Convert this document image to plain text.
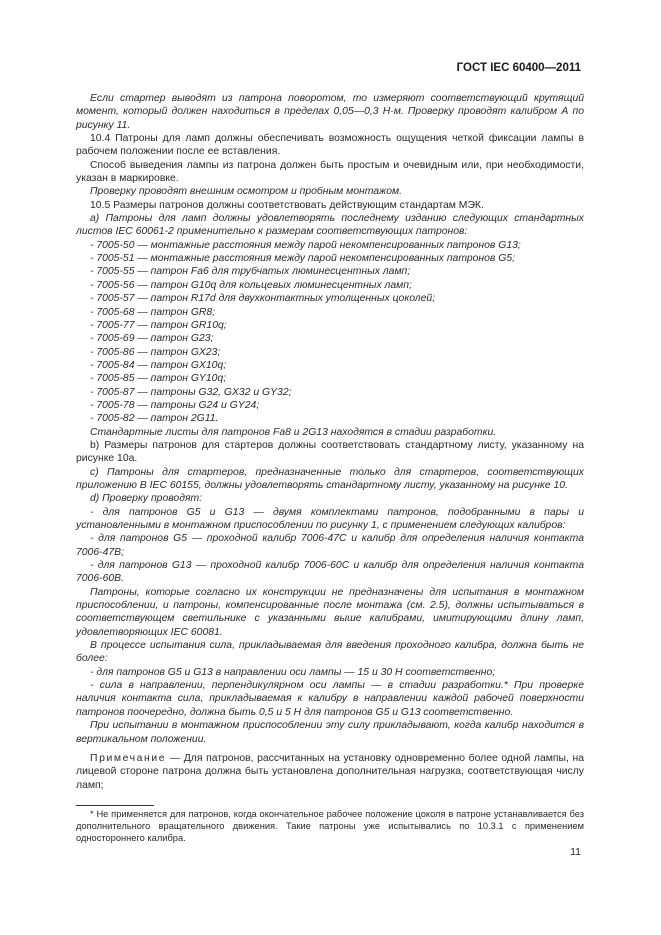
ГОСТ IEC 60400—2011

Если стартер выводят из патрона поворотом, то измеряют соответствующий крутящий момент, который должен находиться в пределах 0,05—0,3 Н·м. Проверку проводят калибром А по рисунку 11.

10.4 Патроны для ламп должны обеспечивать возможность ощущения четкой фиксации лампы в рабочем положении после ее вставления.

Способ выведения лампы из патрона должен быть простым и очевидным или, при необходимости, указан в маркировке.

Проверку проводят внешним осмотром и пробным монтажом.

10.5 Размеры патронов должны соответствовать действующим стандартам МЭК.

a) Патроны для ламп должны удовлетворять последнему изданию следующих стандартных листов IEC 60061-2 применительно к размерам соответствующих патронов:

- 7005-50 — монтажные расстояния между парой некомпенсированных патронов G13;

- 7005-51 — монтажные расстояния между парой некомпенсированных патронов G5;

- 7005-55 — патрон Fa6 для трубчатых люминесцентных ламп;

- 7005-56 — патрон G10q для кольцевых люминесцентных ламп;

- 7005-57 — патрон R17d для двухконтактных утолщенных цоколей;

- 7005-68 — патрон GR8;

- 7005-77 — патрон GR10q;

- 7005-69 — патрон G23;

- 7005-86 — патрон GX23;

- 7005-84 — патрон GX10q;

- 7005-85 — патрон GY10q;

- 7005-87 — патроны G32, GX32 и GY32;

- 7005-78 — патроны G24 и GY24;

- 7005-82 — патрон 2G11.

Стандартные листы для патронов Fa8 и 2G13 находятся в стадии разработки.

b) Размеры патронов для стартеров должны соответствовать стандартному листу, указанному на рисунке 10а.

c) Патроны для стартеров, предназначенные только для стартеров, соответствующих приложению В IEC 60155, должны удовлетворять стандартному листу, указанному на рисунке 10.

d) Проверку проводят:

- для патронов G5 и G13 — двумя комплектами патронов, подобранными в пары и установленными в монтажном приспособлении по рисунку 1, с применением следующих калибров:

- для патронов G5 — проходной калибр 7006-47С и калибр для определения наличия контакта 7006-47В;

- для патронов G13 — проходной калибр 7006-60С и калибр для определения наличия контакта 7006-60В.

Патроны, которые согласно их конструкции не предназначены для испытания в монтажном приспособлении, и патроны, компенсированные после монтажа (см. 2.5), должны испытываться в соответствующем светильнике с указанными выше калибрами, имитирующими длину ламп, удовлетворяющих IEC 60081.

В процессе испытания сила, прикладываемая для введения проходного калибра, должна быть не более:

- для патронов G5 и G13 в направлении оси лампы — 15 и 30 Н соответственно;

- сила в направлении, перпендикулярном оси лампы — в стадии разработки.* При проверке наличия контакта сила, прикладываемая к калибру в направлении каждой рабочей поверхности патронов поочередно, должна быть 0,5 и 5 Н для патронов G5 и G13 соответственно.

При испытании в монтажном приспособлении эту силу прикладывают, когда калибр находится в вертикальном положении.

Примечание — Для патронов, рассчитанных на установку одновременно более одной лампы, на лицевой стороне патрона должна быть установлена дополнительная нагрузка, соответствующая числу ламп;

* Не применяется для патронов, когда окончательное рабочее положение цоколя в патроне устанавливается без дополнительного вращательного движения. Такие патроны уже испытывались по 10.3.1 с применением одностороннего калибра.

11
